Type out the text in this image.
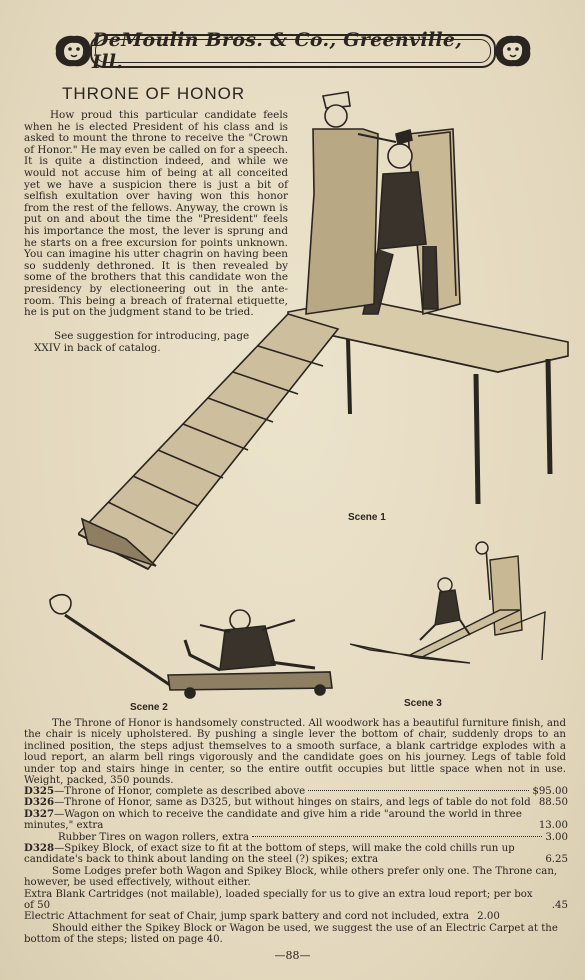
DeMoulin Bros. & Co., Greenville, Ill.
THRONE OF HONOR

How proud this particular candidate feels when he is elected President of his class and is asked to mount the throne to receive the "Crown of Honor." He may even be called on for a speech. It is quite a distinction indeed, and while we would not accuse him of being at all conceited yet we have a suspicion there is just a bit of selfish exultation over having won this honor from the rest of the fellows. Anyway, the crown is put on and about the time the "President" feels his importance the most, the lever is sprung and he starts on a free excursion for points unknown. You can imagine his utter chagrin on having been so suddenly dethroned. It is then revealed by some of the brothers that this candidate won the presidency by electioneering out in the ante-room. This being a breach of fraternal etiquette, he is put on the judgment stand to be tried.

See suggestion for introducing, page XXIV in back of catalog.

Scene 1
Scene 2	Scene 3

The Throne of Honor is handsomely constructed. All woodwork has a beautiful furniture finish, and the chair is nicely upholstered. By pushing a single lever the bottom of chair, suddenly drops to an inclined position, the steps adjust themselves to a smooth surface, a blank cartridge explodes with a loud report, an alarm bell rings vigorously and the candidate goes on his journey. Legs of table fold under top and stairs hinge in center, so the entire outfit occupies but little space when not in use. Weight, packed, 350 pounds.

D325—Throne of Honor, complete as described above	$95.00
D326—Throne of Honor, same as D325, but without hinges on stairs, and legs of table do not fold 88.50
D327—Wagon on which to receive the candidate and give him a ride "around the world in three minutes," extra	13.00
Rubber Tires on wagon rollers, extra	3.00
D328—Spikey Block, of exact size to fit at the bottom of steps, will make the cold chills run up candidate's back to think about landing on the steel (?) spikes; extra	6.25

Some Lodges prefer both Wagon and Spikey Block, while others prefer only one. The Throne can, however, be used effectively, without either.

Extra Blank Cartridges (not mailable), loaded specially for us to give an extra loud report; per box of 50	.45
Electric Attachment for seat of Chair, jump spark battery and cord not included, extra 2.00

Should either the Spikey Block or Wagon be used, we suggest the use of an Electric Carpet at the bottom of the steps; listed on page 40.

—88—
